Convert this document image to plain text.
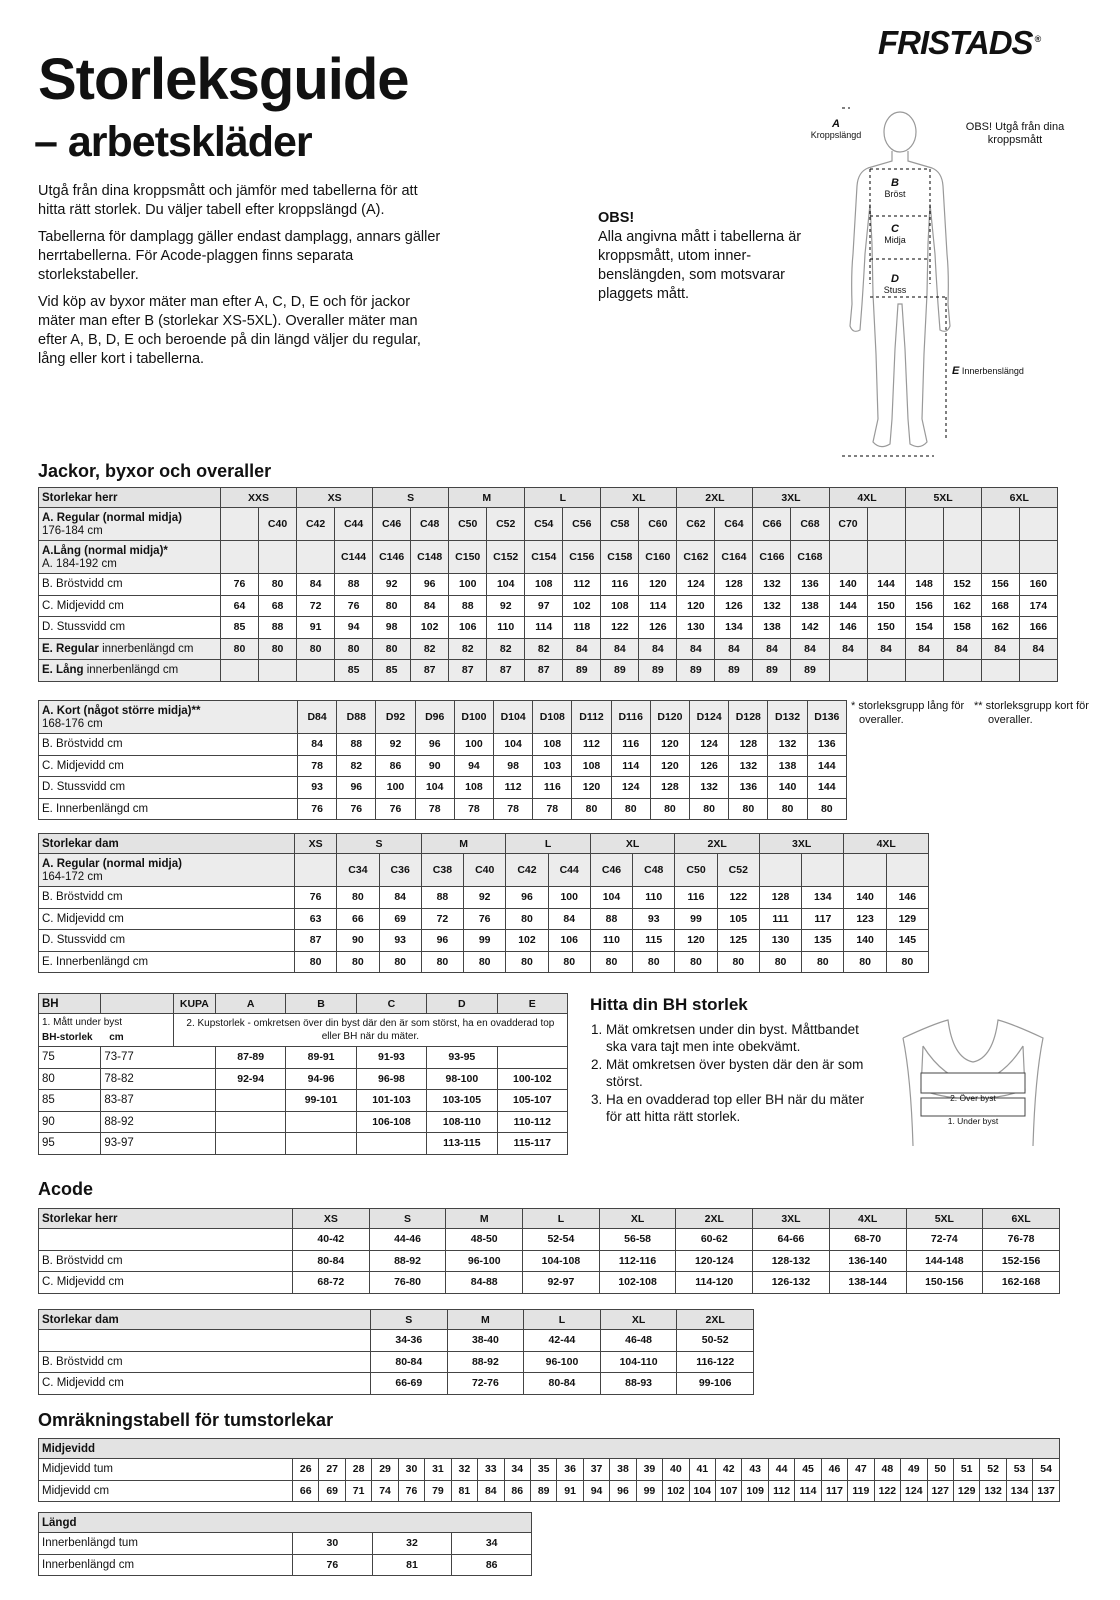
FRISTADS ®
Storleksguide
– arbetskläder

Utgå från dina kroppsmått och jämför med tabellerna för att hitta rätt storlek. Du väljer tabell efter kroppslängd (A).

Tabellerna för damplagg gäller endast damplagg, annars gäller herrtabellerna. För Acode-plaggen finns separata storlekstabeller.

Vid köp av byxor mäter man efter A, C, D, E och för jackor mäter man efter B (storlekar XS-5XL). Overaller mäter man efter A, B, D, E och beroende på din längd väljer du regular, lång eller kort i tabellerna.

OBS!
Alla angivna mått i tabellerna är kroppsmått, utom inner-benslängden, som motsvarar plaggets mått.
A
Kroppslängd
B
Bröst
C
Midja
D
Stuss
E Innerbenslängd
OBS! Utgå från dina kroppsmått
Jackor, byxor och overaller
Storlekar herr	XXS		XS		S		M		L		XL		2XL		3XL		4XL		5XL		6XL	
A. Regular (normal midja)
176-184 cm		C40	C42	C44	C46	C48	C50	C52	C54	C56	C58	C60	C62	C64	C66	C68	C70					
A.Lång (normal midja)*
A. 184-192 cm				C144	C146	C148	C150	C152	C154	C156	C158	C160	C162	C164	C166	C168						
B. Bröstvidd cm	76	80	84	88	92	96	100	104	108	112	116	120	124	128	132	136	140	144	148	152	156	160
C. Midjevidd cm	64	68	72	76	80	84	88	92	97	102	108	114	120	126	132	138	144	150	156	162	168	174
D. Stussvidd cm	85	88	91	94	98	102	106	110	114	118	122	126	130	134	138	142	146	150	154	158	162	166
E. Regular innerbenlängd cm	80	80	80	80	80	82	82	82	82	84	84	84	84	84	84	84	84	84	84	84	84	84
E. Lång innerbenlängd cm				85	85	87	87	87	87	89	89	89	89	89	89	89						
A. Kort (något större midja)**
168-176 cm	D84	D88	D92	D96	D100	D104	D108	D112	D116	D120	D124	D128	D132	D136
B. Bröstvidd cm	84	88	92	96	100	104	108	112	116	120	124	128	132	136
C. Midjevidd cm	78	82	86	90	94	98	103	108	114	120	126	132	138	144
D. Stussvidd cm	93	96	100	104	108	112	116	120	124	128	132	136	140	144
E. Innerbenlängd cm	76	76	76	78	78	78	78	80	80	80	80	80	80	80
* storleksgrupp lång för overaller.
** storleksgrupp kort för overaller.
Storlekar dam	XS	S		M		L		XL		2XL		3XL		4XL	
A. Regular (normal midja)
164-172 cm		C34	C36	C38	C40	C42	C44	C46	C48	C50	C52				
B. Bröstvidd cm	76	80	84	88	92	96	100	104	110	116	122	128	134	140	146
C. Midjevidd cm	63	66	69	72	76	80	84	88	93	99	105	111	117	123	129
D. Stussvidd cm	87	90	93	96	99	102	106	110	115	120	125	130	135	140	145
E. Innerbenlängd cm	80	80	80	80	80	80	80	80	80	80	80	80	80	80	80
BH		KUPA	A	B	C	D	E
1. Mått under byst
BH-storlek cm		2. Kupstorlek - omkretsen över din byst där den är som störst, ha en ovadderad top eller BH när du mäter.					
75	73-77		87-89	89-91	91-93	93-95	
80	78-82		92-94	94-96	96-98	98-100	100-102
85	83-87			99-101	101-103	103-105	105-107
90	88-92				106-108	108-110	110-112
95	93-97					113-115	115-117
Hitta din BH storlek
1. Mät omkretsen under din byst. Måttbandet ska vara tajt men inte obekvämt.
2. Mät omkretsen över bysten där den är som störst.
3. Ha en ovadderad top eller BH när du mäter för att hitta rätt storlek.
2. Över byst
1. Under byst
Acode
Storlekar herr	XS	S	M	L	XL	2XL	3XL	4XL	5XL	6XL
	40-42	44-46	48-50	52-54	56-58	60-62	64-66	68-70	72-74	76-78
B. Bröstvidd cm	80-84	88-92	96-100	104-108	112-116	120-124	128-132	136-140	144-148	152-156
C. Midjevidd cm	68-72	76-80	84-88	92-97	102-108	114-120	126-132	138-144	150-156	162-168
Storlekar dam	S	M	L	XL	2XL
	34-36	38-40	42-44	46-48	50-52
B. Bröstvidd cm	80-84	88-92	96-100	104-110	116-122
C. Midjevidd cm	66-69	72-76	80-84	88-93	99-106
Omräkningstabell för tumstorlekar
Midjevidd																													
Midjevidd tum	26	27	28	29	30	31	32	33	34	35	36	37	38	39	40	41	42	43	44	45	46	47	48	49	50	51	52	53	54
Midjevidd cm	66	69	71	74	76	79	81	84	86	89	91	94	96	99	102	104	107	109	112	114	117	119	122	124	127	129	132	134	137
Längd			
Innerbenlängd tum	30	32	34
Innerbenlängd cm	76	81	86
